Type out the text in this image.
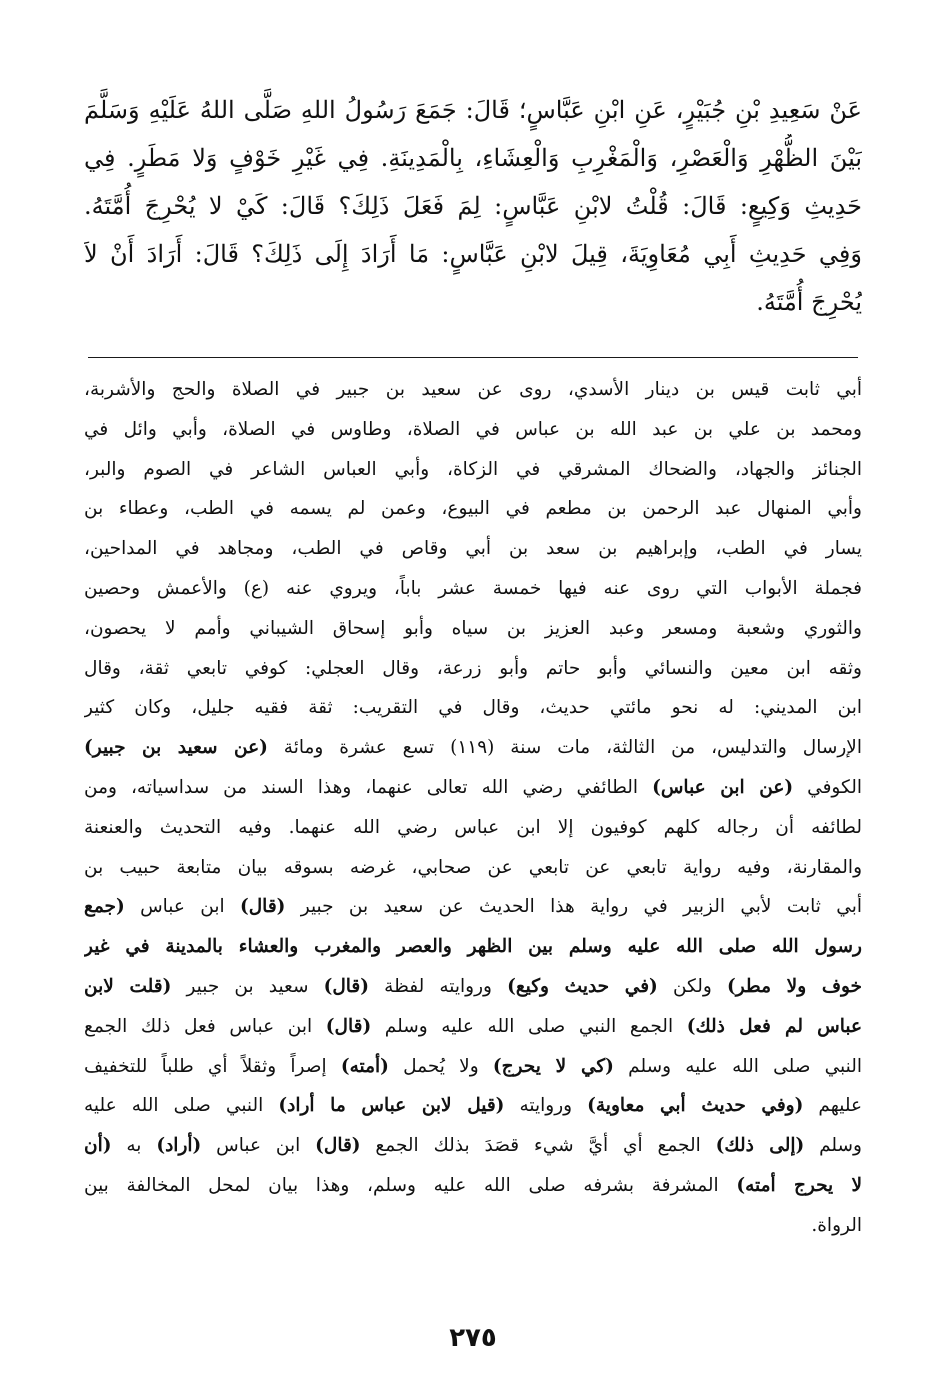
عَنْ سَعِيدِ بْنِ جُبَيْرٍ، عَنِ ابْنِ عَبَّاسٍ؛ قَالَ: جَمَعَ رَسُولُ اللهِ صَلَّى اللهُ عَلَيْهِ وَسَلَّمَ
بَيْنَ الظُّهْرِ وَالْعَصْرِ، وَالْمَغْرِبِ وَالْعِشَاءِ، بِالْمَدِينَةِ. فِي غَيْرِ خَوْفٍ وَلا مَطَرٍ. فِي
حَدِيثِ وَكِيعٍ: قَالَ: قُلْتُ لابْنِ عَبَّاسٍ: لِمَ فَعَلَ ذَلِكَ؟ قَالَ: كَيْ لا يُحْرِجَ أُمَّتَهُ.
وَفِي حَدِيثِ أَبِي مُعَاوِيَةَ، قِيلَ لابْنِ عَبَّاسٍ: مَا أَرَادَ إِلَى ذَلِكَ؟ قَالَ: أَرَادَ أَنْ لاَ
يُحْرِجَ أُمَّتَهُ.
أبي ثابت قيس بن دينار الأسدي، روى عن سعيد بن جبير في الصلاة والحج والأشربة،
ومحمد بن علي بن عبد الله بن عباس في الصلاة، وطاوس في الصلاة، وأبي وائل في
الجنائز والجهاد، والضحاك المشرقي في الزكاة، وأبي العباس الشاعر في الصوم والبر،
وأبي المنهال عبد الرحمن بن مطعم في البيوع، وعمن لم يسمه في الطب، وعطاء بن
يسار في الطب، وإبراهيم بن سعد بن أبي وقاص في الطب، ومجاهد في المداحين،
فجملة الأبواب التي روى عنه فيها خمسة عشر باباً، ويروي عنه (ع) والأعمش وحصين
والثوري وشعبة ومسعر وعبد العزيز بن سياه وأبو إسحاق الشيباني وأمم لا يحصون،
وثقه ابن معين والنسائي وأبو حاتم وأبو زرعة، وقال العجلي: كوفي تابعي ثقة، وقال
ابن المديني: له نحو مائتي حديث، وقال في التقريب: ثقة فقيه جليل، وكان كثير
الإرسال والتدليس، من الثالثة، مات سنة (١١٩) تسع عشرة ومائة (عن سعيد بن جبير)
الكوفي (عن ابن عباس) الطائفي رضي الله تعالى عنهما، وهذا السند من سداسياته، ومن
لطائفه أن رجاله كلهم كوفيون إلا ابن عباس رضي الله عنهما. وفيه التحديث والعنعنة
والمقارنة، وفيه رواية تابعي عن تابعي عن صحابي، غرضه بسوقه بيان متابعة حبيب بن
أبي ثابت لأبي الزبير في رواية هذا الحديث عن سعيد بن جبير (قال) ابن عباس (جمع
رسول الله صلى الله عليه وسلم بين الظهر والعصر والمغرب والعشاء بالمدينة في غير
خوف ولا مطر) ولكن (في حديث وكيع) وروايته لفظة (قال) سعيد بن جبير (قلت لابن
عباس لم فعل ذلك) الجمع النبي صلى الله عليه وسلم (قال) ابن عباس فعل ذلك الجمع
النبي صلى الله عليه وسلم (كي لا يحرج) ولا يُحمل (أمته) إصراً وثقلاً أي طلباً للتخفيف
عليهم (وفي حديث أبي معاوية) وروايته (قيل لابن عباس ما أراد) النبي صلى الله عليه
وسلم (إلى ذلك) الجمع أي أيَّ شيء قصَدَ بذلك الجمع (قال) ابن عباس (أراد) به (أن
لا يحرج أمته) المشرفة بشرفه صلى الله عليه وسلم، وهذا بيان لمحل المخالفة بين
الرواة.
٢٧٥
